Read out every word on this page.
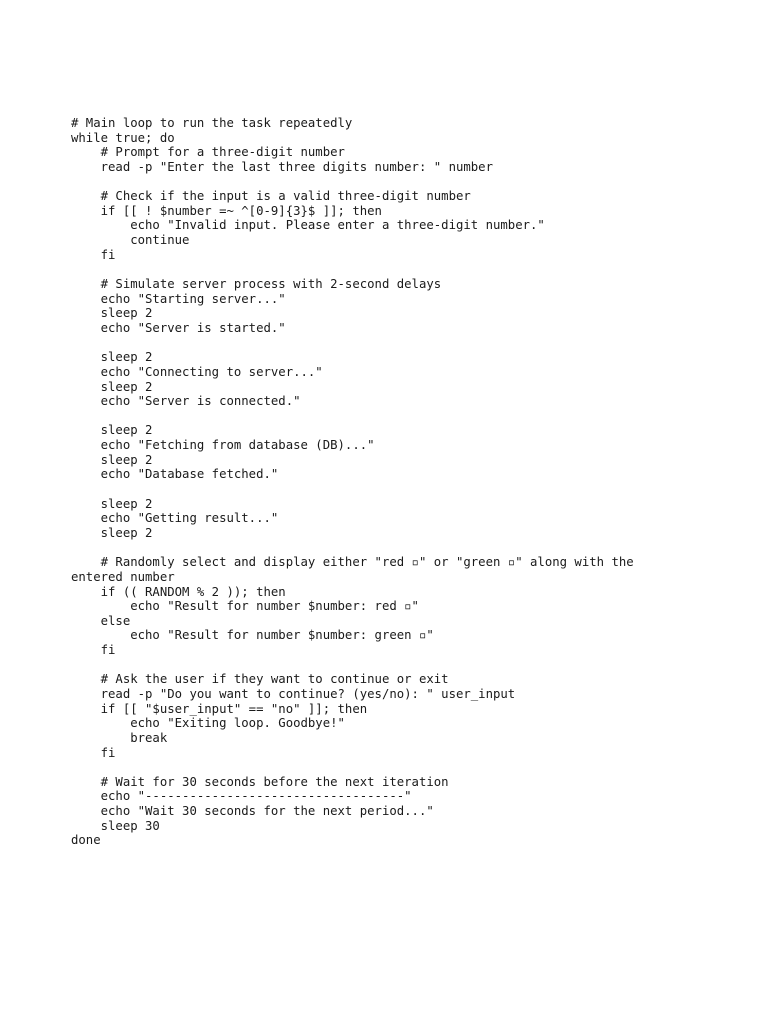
# Main loop to run the task repeatedly
while true; do
# Prompt for a three-digit number
read -p "Enter the last three digits number: " number
# Check if the input is a valid three-digit number
if [[ ! $number =~ ^[0-9]{3}$ ]]; then
echo "Invalid input. Please enter a three-digit number."
continue
fi
# Simulate server process with 2-second delays
echo "Starting server..."
sleep 2
echo "Server is started."
sleep 2
echo "Connecting to server..."
sleep 2
echo "Server is connected."
sleep 2
echo "Fetching from database (DB)..."
sleep 2
echo "Database fetched."
sleep 2
echo "Getting result..."
sleep 2
# Randomly select and display either "red ▫" or "green ▫" along with the
entered number
if (( RANDOM % 2 )); then
echo "Result for number $number: red ▫"
else
echo "Result for number $number: green ▫"
fi
# Ask the user if they want to continue or exit
read -p "Do you want to continue? (yes/no): " user_input
if [[ "$user_input" == "no" ]]; then
echo "Exiting loop. Goodbye!"
break
fi
# Wait for 30 seconds before the next iteration
echo "-----------------------------------"
echo "Wait 30 seconds for the next period..."
sleep 30
done
